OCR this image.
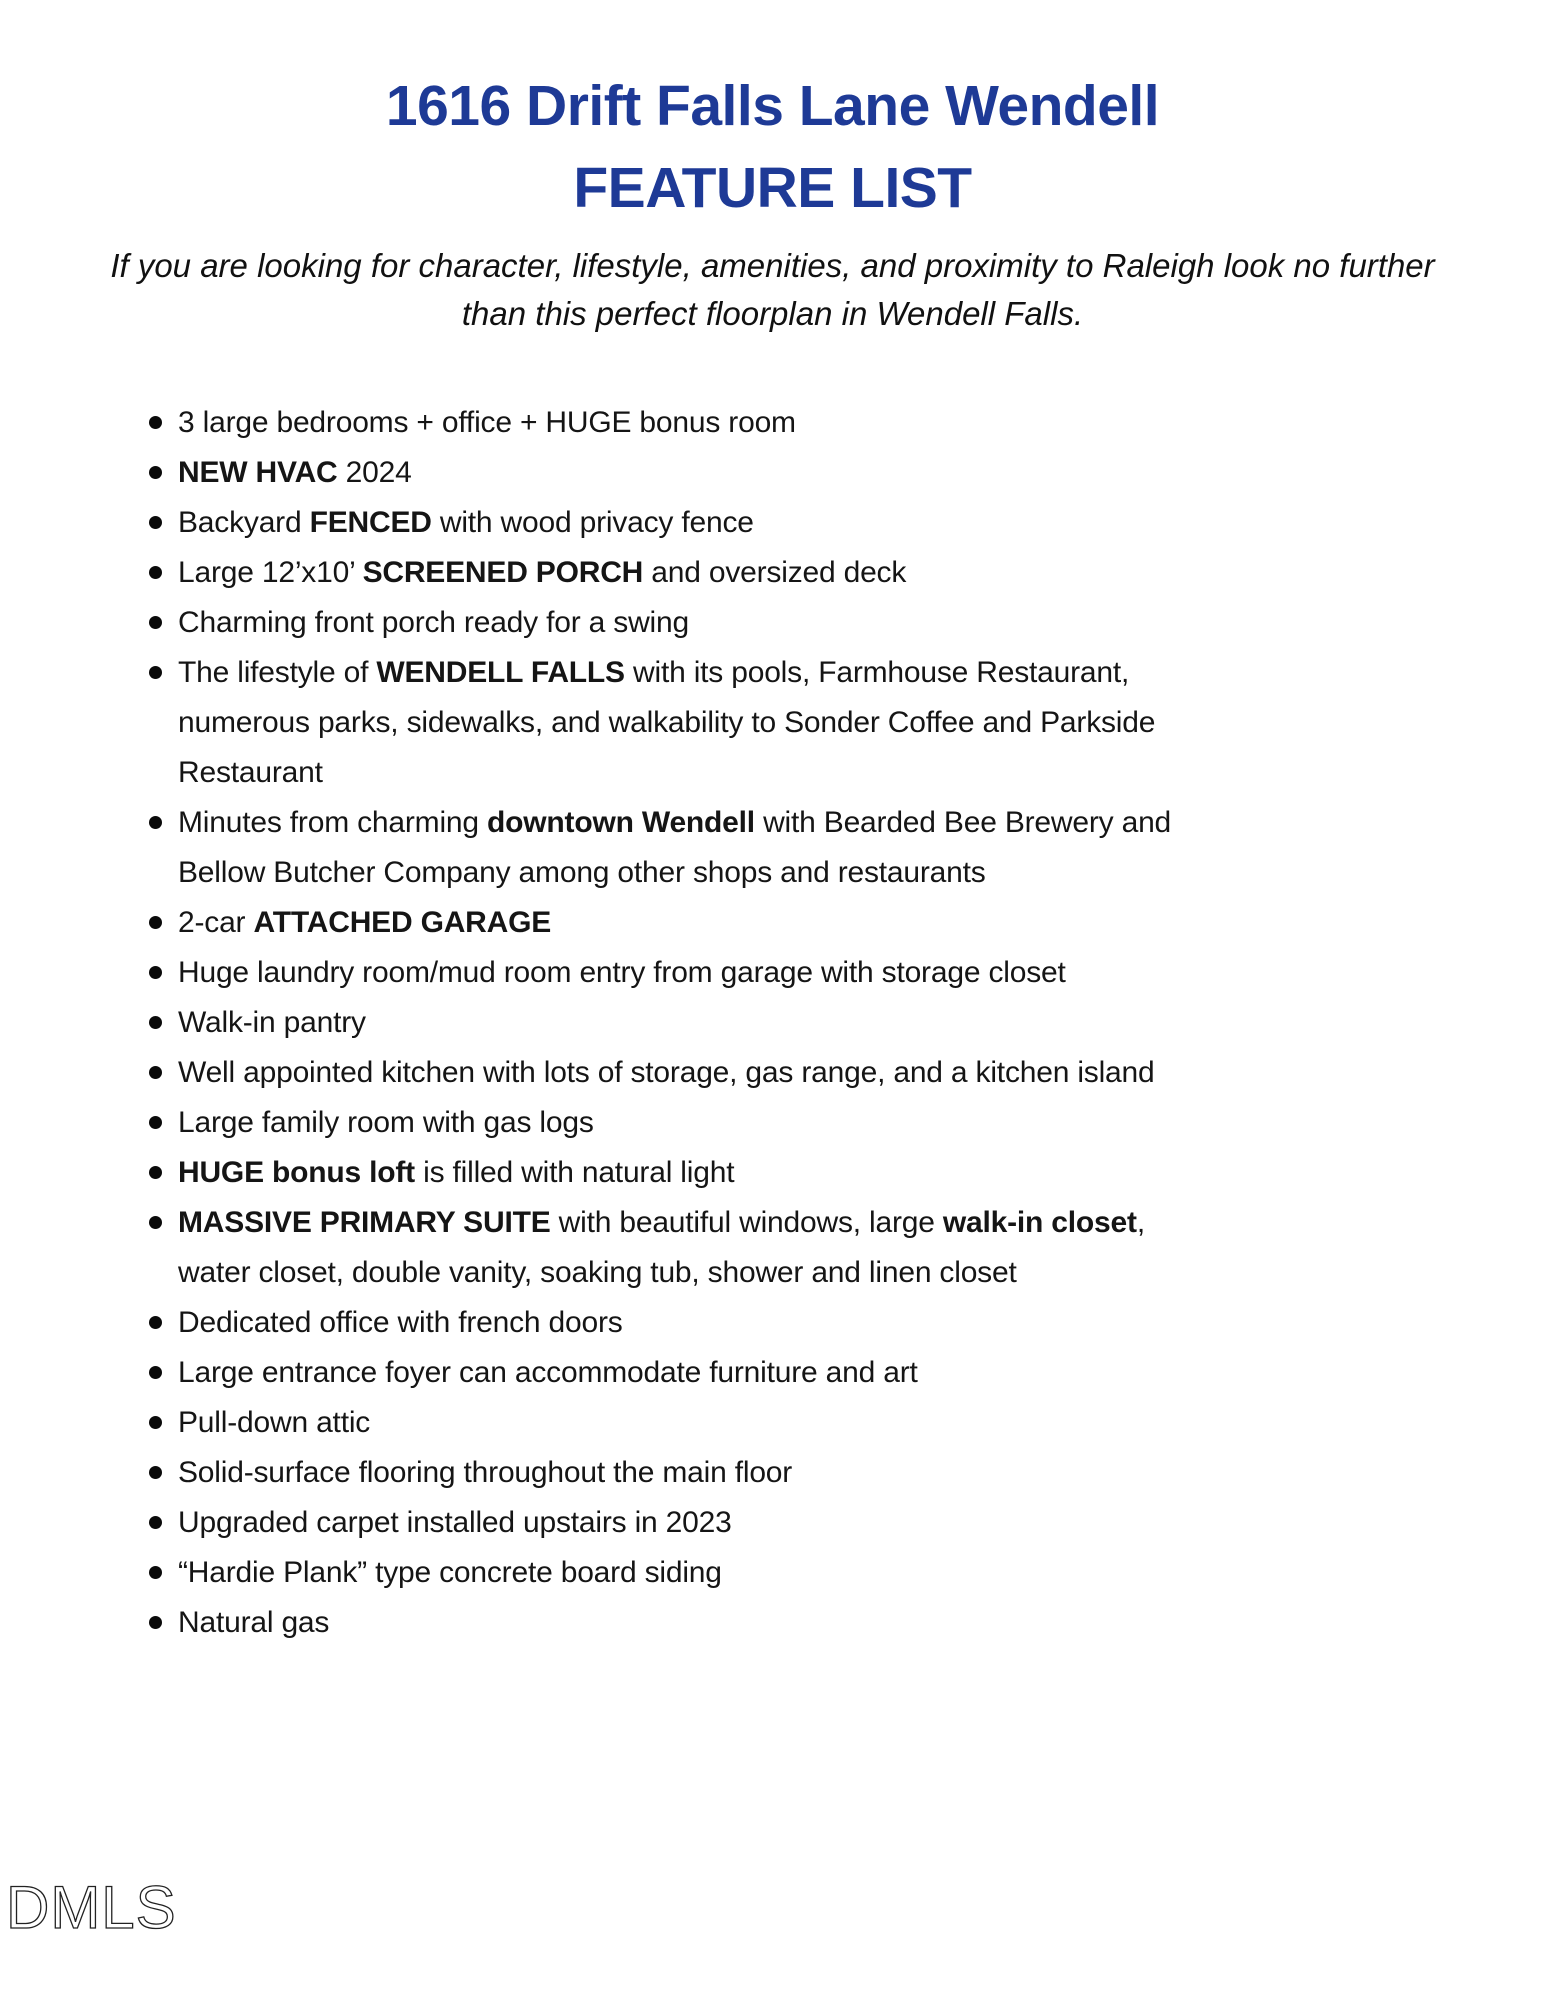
1616 Drift Falls Lane Wendell
FEATURE LIST

If you are looking for character, lifestyle, amenities, and proximity to Raleigh look no further than this perfect floorplan in Wendell Falls.

3 large bedrooms + office + HUGE bonus room
NEW HVAC 2024
Backyard FENCED with wood privacy fence
Large 12’x10’ SCREENED PORCH and oversized deck
Charming front porch ready for a swing
The lifestyle of WENDELL FALLS with its pools, Farmhouse Restaurant, numerous parks, sidewalks, and walkability to Sonder Coffee and Parkside Restaurant
Minutes from charming downtown Wendell with Bearded Bee Brewery and Bellow Butcher Company among other shops and restaurants
2-car ATTACHED GARAGE
Huge laundry room/mud room entry from garage with storage closet
Walk-in pantry
Well appointed kitchen with lots of storage, gas range, and a kitchen island
Large family room with gas logs
HUGE bonus loft is filled with natural light
MASSIVE PRIMARY SUITE with beautiful windows, large walk-in closet, water closet, double vanity, soaking tub, shower and linen closet
Dedicated office with french doors
Large entrance foyer can accommodate furniture and art
Pull-down attic
Solid-surface flooring throughout the main floor
Upgraded carpet installed upstairs in 2023
“Hardie Plank” type concrete board siding
Natural gas
DMLS
